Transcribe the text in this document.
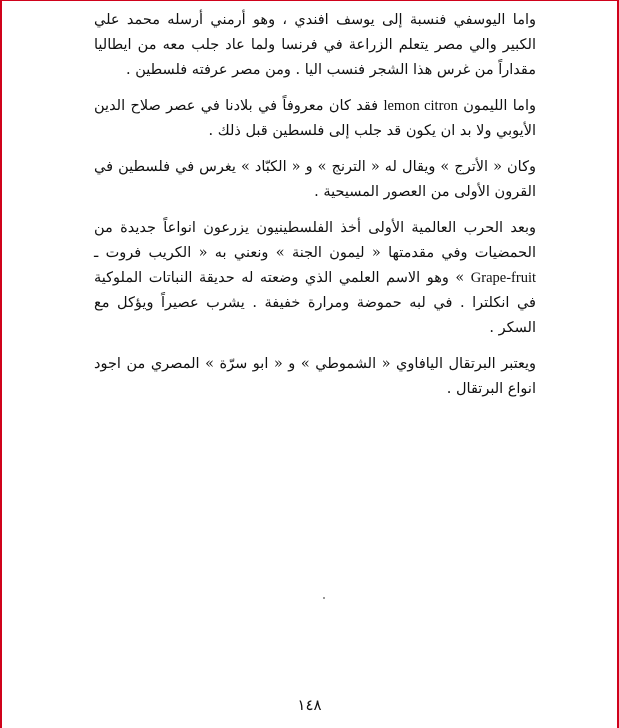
واما اليوسفي فنسبة إلى يوسف افندي ، وهو أرمني أرسله محمد علي الكبير والي مصر يتعلم الزراعة في فرنسا ولما عاد جلب معه من ايطاليا مقداراً من غرس هذا الشجر فنسب اليا . ومن مصر عرفته فلسطين .

واما الليمون lemon citron فقد كان معروفاً في بلادنا في عصر صلاح الدين الأيوبي ولا بد ان يكون قد جلب إلى فلسطين قبل ذلك .

وكان « الأترج » ويقال له « الترنج » و « الكبّاد » يغرس في فلسطين في القرون الأولى من العصور المسيحية .

وبعد الحرب العالمية الأولى أخذ الفلسطينيون يزرعون انواعاً جديدة من الحمضيات وفي مقدمتها « ليمون الجنة » ونعني به « الكريب فروت ـ Grape-fruit » وهو الاسم العلمي الذي وضعته له حديقة النباتات الملوكية في انكلترا . في لبه حموضة ومرارة خفيفة . يشرب عصيراً ويؤكل مع السكر .

ويعتبر البرتقال اليافاوي « الشموطي » و « ابو سرّة » المصري من اجود انواع البرتقال .

١٤٨
